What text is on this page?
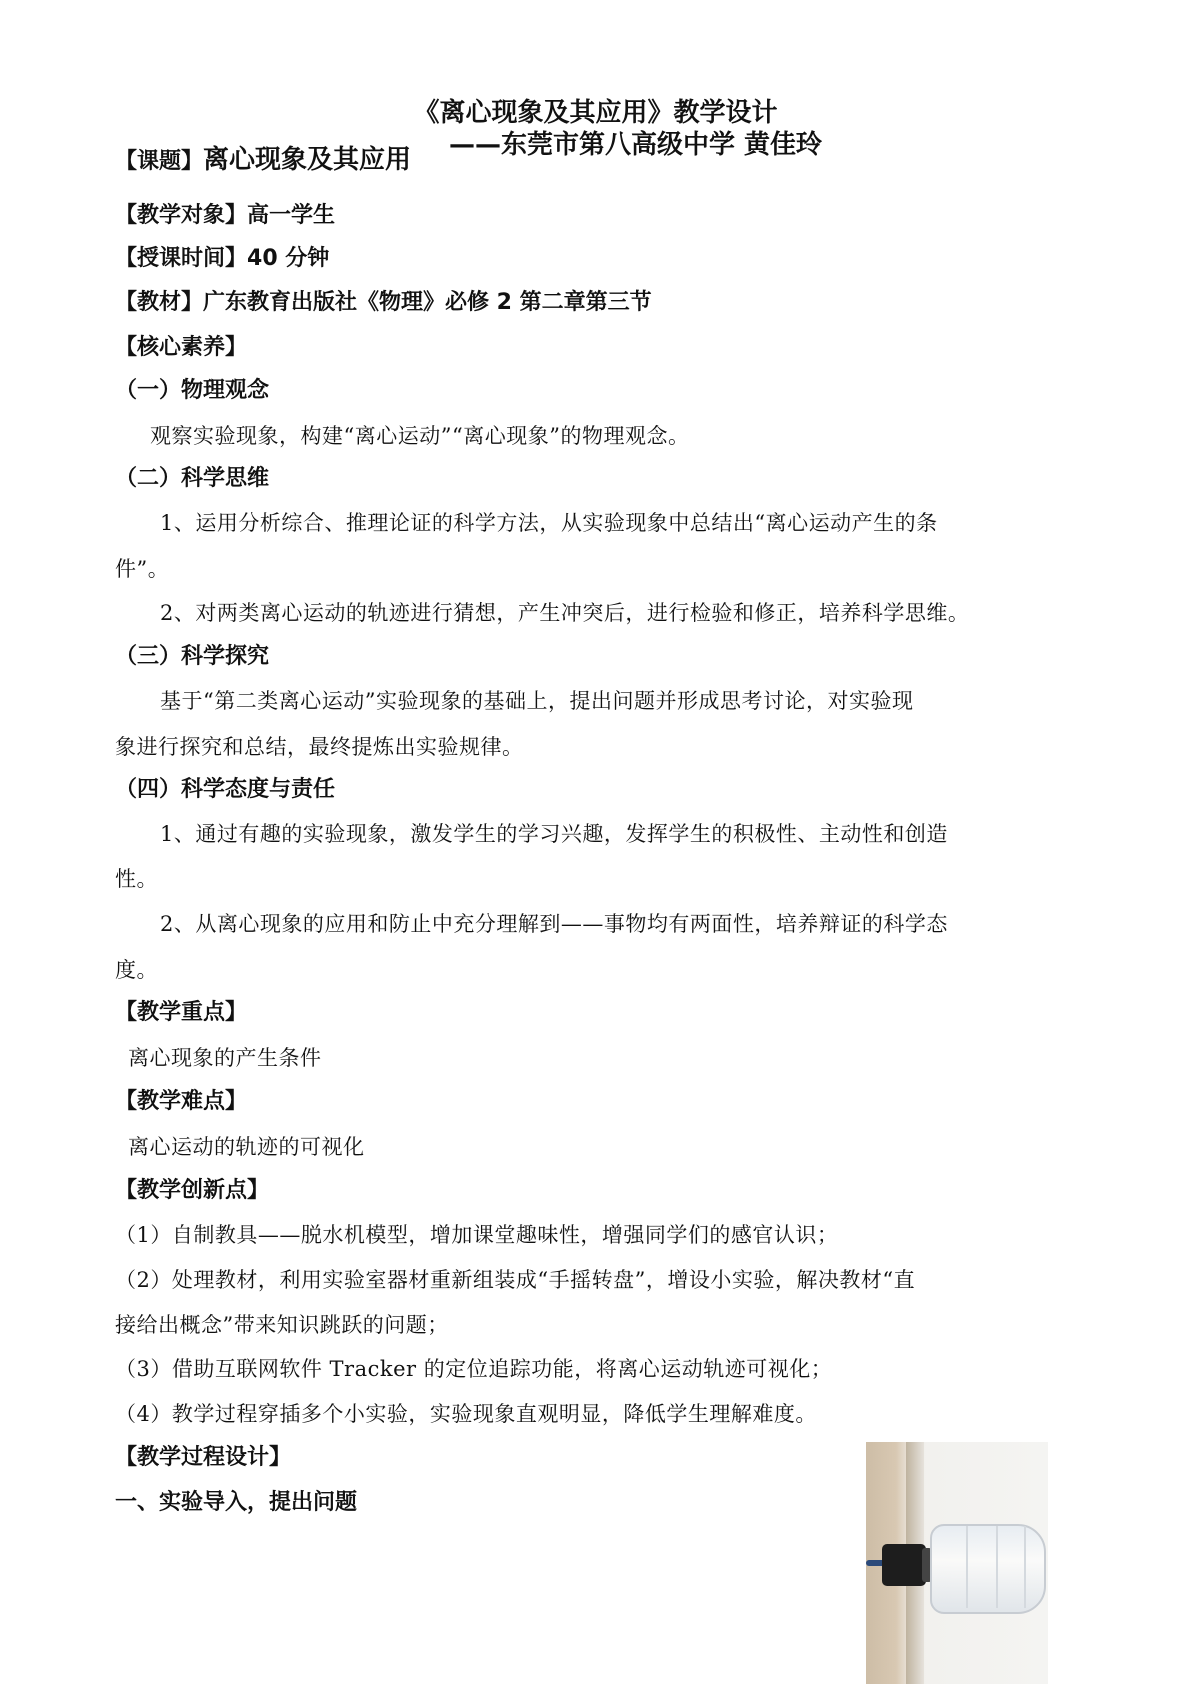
《离心现象及其应用》教学设计
——东莞市第八高级中学 黄佳玲
【课题】离心现象及其应用
【教学对象】高一学生
【授课时间】40 分钟
【教材】广东教育出版社《物理》必修 2 第二章第三节
【核心素养】
（一）物理观念
观察实验现象，构建“离心运动”“离心现象”的物理观念。
（二）科学思维
1、运用分析综合、推理论证的科学方法，从实验现象中总结出“离心运动产生的条
件”。
2、对两类离心运动的轨迹进行猜想，产生冲突后，进行检验和修正，培养科学思维。
（三）科学探究
基于“第二类离心运动”实验现象的基础上，提出问题并形成思考讨论，对实验现
象进行探究和总结，最终提炼出实验规律。
（四）科学态度与责任
1、通过有趣的实验现象，激发学生的学习兴趣，发挥学生的积极性、主动性和创造
性。
2、从离心现象的应用和防止中充分理解到——事物均有两面性，培养辩证的科学态
度。
【教学重点】
离心现象的产生条件
【教学难点】
离心运动的轨迹的可视化
【教学创新点】
（1）自制教具——脱水机模型，增加课堂趣味性，增强同学们的感官认识；
（2）处理教材，利用实验室器材重新组装成“手摇转盘”，增设小实验，解决教材“直
接给出概念”带来知识跳跃的问题；
（3）借助互联网软件 Tracker 的定位追踪功能，将离心运动轨迹可视化；
（4）教学过程穿插多个小实验，实验现象直观明显，降低学生理解难度。
【教学过程设计】
一、实验导入，提出问题
